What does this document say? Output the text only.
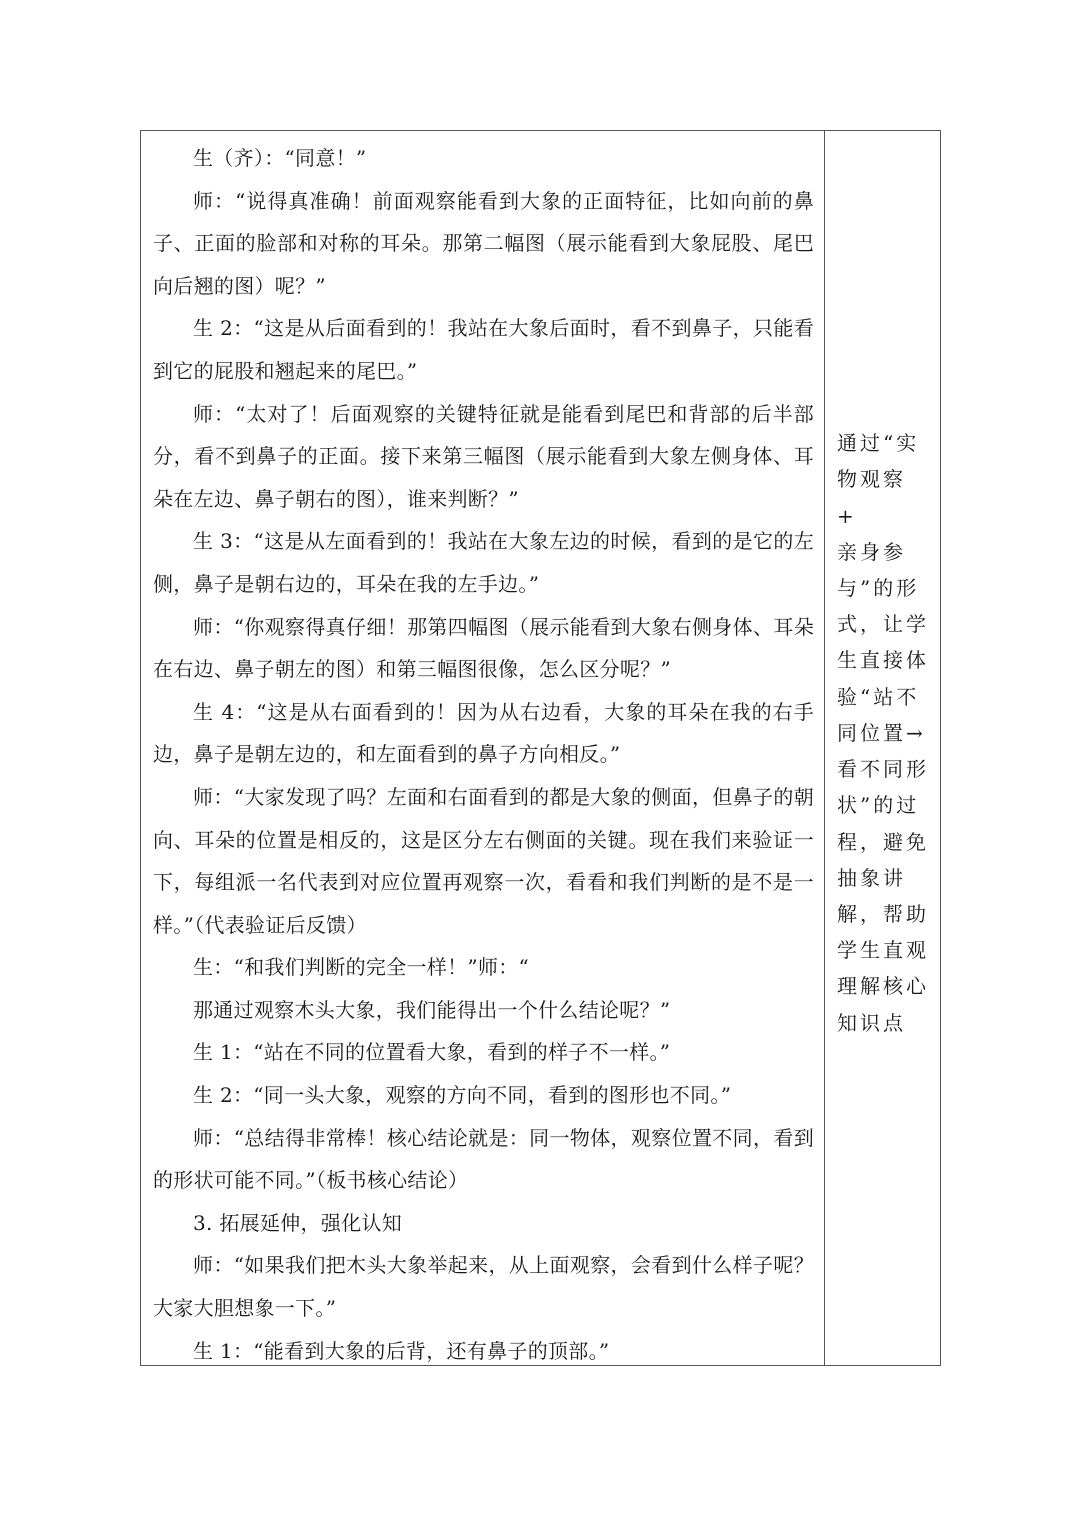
生（齐）：“同意！”

师：“说得真准确！前面观察能看到大象的正面特征，比如向前的鼻子、正面的脸部和对称的耳朵。那第二幅图（展示能看到大象屁股、尾巴向后翘的图）呢？”

生 2：“这是从后面看到的！我站在大象后面时，看不到鼻子，只能看到它的屁股和翘起来的尾巴。”

师：“太对了！后面观察的关键特征就是能看到尾巴和背部的后半部分，看不到鼻子的正面。接下来第三幅图（展示能看到大象左侧身体、耳朵在左边、鼻子朝右的图），谁来判断？”

生 3：“这是从左面看到的！我站在大象左边的时候，看到的是它的左侧，鼻子是朝右边的，耳朵在我的左手边。”

师：“你观察得真仔细！那第四幅图（展示能看到大象右侧身体、耳朵在右边、鼻子朝左的图）和第三幅图很像，怎么区分呢？”

生 4：“这是从右面看到的！因为从右边看，大象的耳朵在我的右手边，鼻子是朝左边的，和左面看到的鼻子方向相反。”

师：“大家发现了吗？左面和右面看到的都是大象的侧面，但鼻子的朝向、耳朵的位置是相反的，这是区分左右侧面的关键。现在我们来验证一下，每组派一名代表到对应位置再观察一次，看看和我们判断的是不是一样。”（代表验证后反馈）

生：“和我们判断的完全一样！”师：“

那通过观察木头大象，我们能得出一个什么结论呢？”

生 1：“站在不同的位置看大象，看到的样子不一样。”

生 2：“同一头大象，观察的方向不同，看到的图形也不同。”

师：“总结得非常棒！核心结论就是：同一物体，观察位置不同，看到的形状可能不同。”（板书核心结论）

3. 拓展延伸，强化认知

师：“如果我们把木头大象举起来，从上面观察，会看到什么样子呢？大家大胆想象一下。”

生 1：“能看到大象的后背，还有鼻子的顶部。”

通过“实
物观察 +
亲身参
与”的形
式，让学
生直接体
验“站不
同位置→
看不同形
状”的过
程，避免
抽象讲
解，帮助
学生直观
理解核心
知识点
